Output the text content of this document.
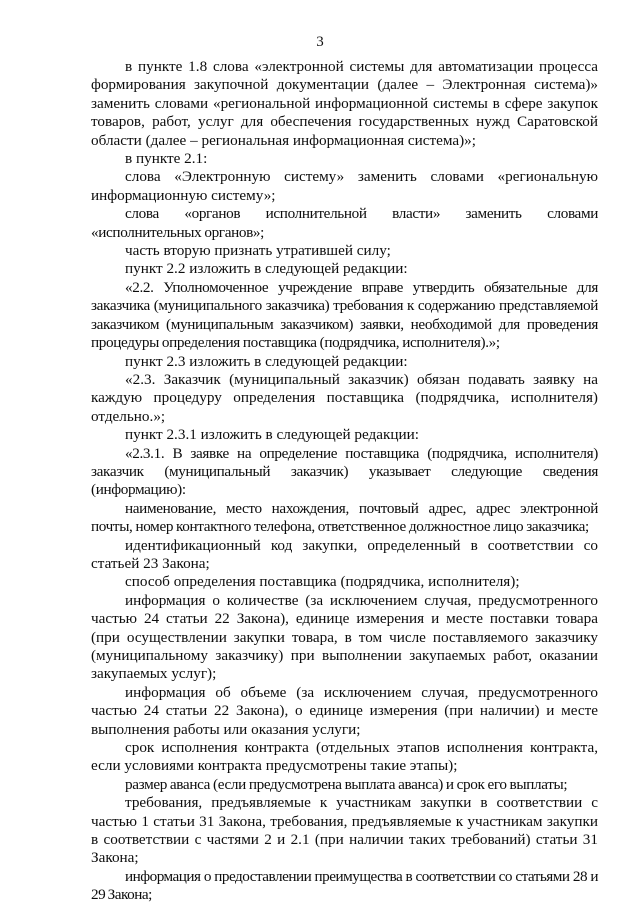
3

в пункте 1.8 слова «электронной системы для автоматизации процесса формирования закупочной документации (далее – Электронная система)» заменить словами «региональной информационной системы в сфере закупок товаров, работ, услуг для обеспечения государственных нужд Саратовской области (далее – региональная информационная система)»;

в пункте 2.1:

слова «Электронную систему» заменить словами «региональную информационную систему»;

слова «органов исполнительной власти» заменить словами «исполнительных органов»;

часть вторую признать утратившей силу;

пункт 2.2 изложить в следующей редакции:

«2.2. Уполномоченное учреждение вправе утвердить обязательные для заказчика (муниципального заказчика) требования к содержанию представляемой заказчиком (муниципальным заказчиком) заявки, необходимой для проведения процедуры определения поставщика (подрядчика, исполнителя).»;

пункт 2.3 изложить в следующей редакции:

«2.3. Заказчик (муниципальный заказчик) обязан подавать заявку на каждую процедуру определения поставщика (подрядчика, исполнителя) отдельно.»;

пункт 2.3.1 изложить в следующей редакции:

«2.3.1. В заявке на определение поставщика (подрядчика, исполнителя) заказчик (муниципальный заказчик) указывает следующие сведения (информацию):

наименование, место нахождения, почтовый адрес, адрес электронной почты, номер контактного телефона, ответственное должностное лицо заказчика;

идентификационный код закупки, определенный в соответствии со статьей 23 Закона;

способ определения поставщика (подрядчика, исполнителя);

информация о количестве (за исключением случая, предусмотренного частью 24 статьи 22 Закона), единице измерения и месте поставки товара (при осуществлении закупки товара, в том числе поставляемого заказчику (муниципальному заказчику) при выполнении закупаемых работ, оказании закупаемых услуг);

информация об объеме (за исключением случая, предусмотренного частью 24 статьи 22 Закона), о единице измерения (при наличии) и месте выполнения работы или оказания услуги;

срок исполнения контракта (отдельных этапов исполнения контракта, если условиями контракта предусмотрены такие этапы);

размер аванса (если предусмотрена выплата аванса) и срок его выплаты;

требования, предъявляемые к участникам закупки в соответствии с частью 1 статьи 31 Закона, требования, предъявляемые к участникам закупки в соответствии с частями 2 и 2.1 (при наличии таких требований) статьи 31 Закона;

информация о предоставлении преимущества в соответствии со статьями 28 и 29 Закона;
